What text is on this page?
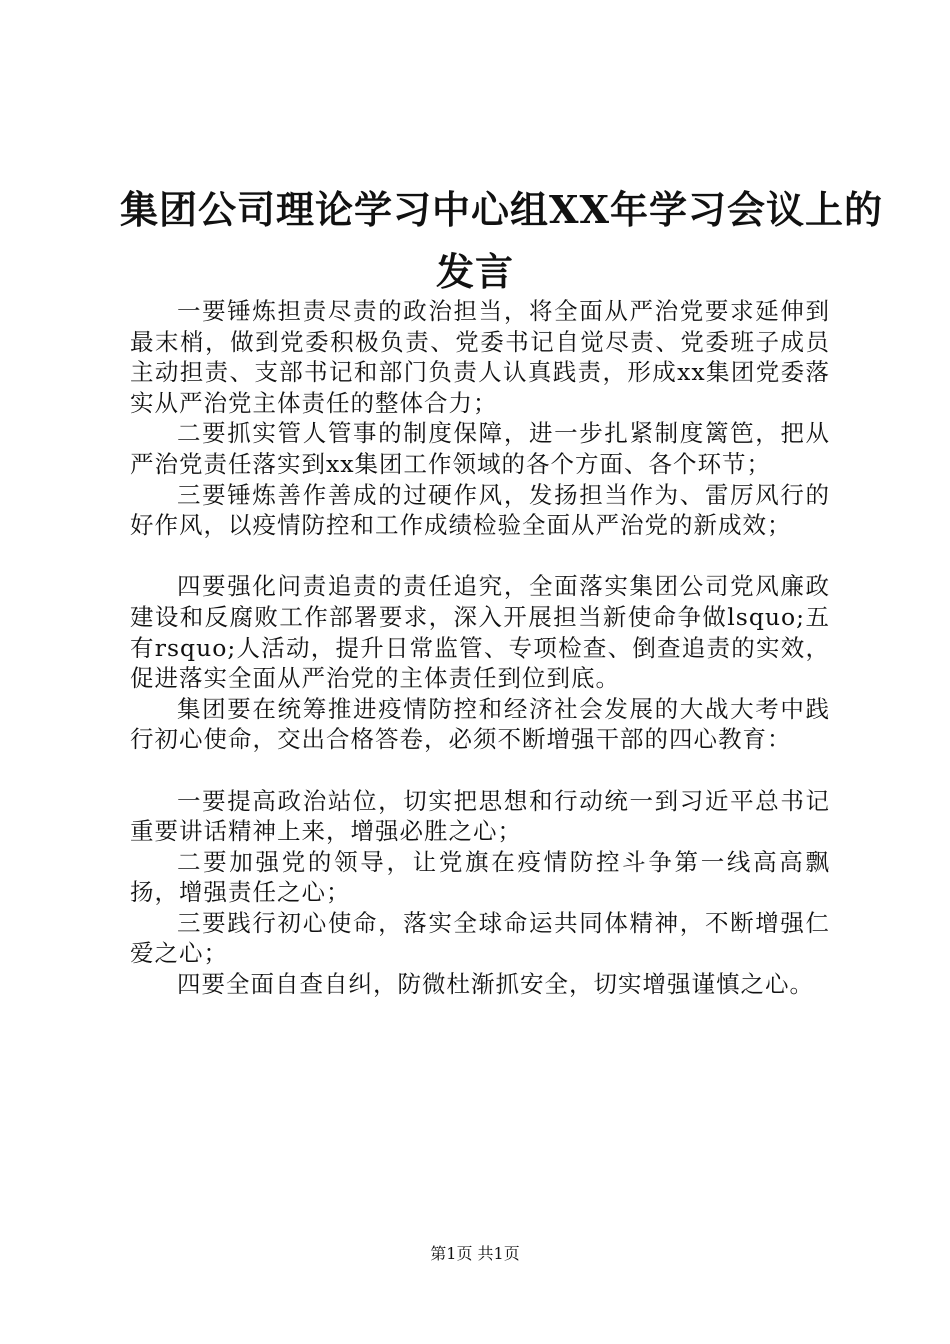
集团公司理论学习中心组XX年学习会议上的
发言

一要锤炼担责尽责的政治担当，将全面从严治党要求延伸到最末梢，做到党委积极负责、党委书记自觉尽责、党委班子成员主动担责、支部书记和部门负责人认真践责，形成xx集团党委落实从严治党主体责任的整体合力；

二要抓实管人管事的制度保障，进一步扎紧制度篱笆，把从严治党责任落实到xx集团工作领域的各个方面、各个环节；

三要锤炼善作善成的过硬作风，发扬担当作为、雷厉风行的好作风，以疫情防控和工作成绩检验全面从严治党的新成效；

四要强化问责追责的责任追究，全面落实集团公司党风廉政建设和反腐败工作部署要求，深入开展担当新使命争做lsquo;五有rsquo;人活动，提升日常监管、专项检查、倒查追责的实效，促进落实全面从严治党的主体责任到位到底。

集团要在统筹推进疫情防控和经济社会发展的大战大考中践行初心使命，交出合格答卷，必须不断增强干部的四心教育：

一要提高政治站位，切实把思想和行动统一到习近平总书记重要讲话精神上来，增强必胜之心；

二要加强党的领导，让党旗在疫情防控斗争第一线高高飘扬，增强责任之心；

三要践行初心使命，落实全球命运共同体精神，不断增强仁爱之心；

四要全面自查自纠，防微杜渐抓安全，切实增强谨慎之心。

第1页 共1页
